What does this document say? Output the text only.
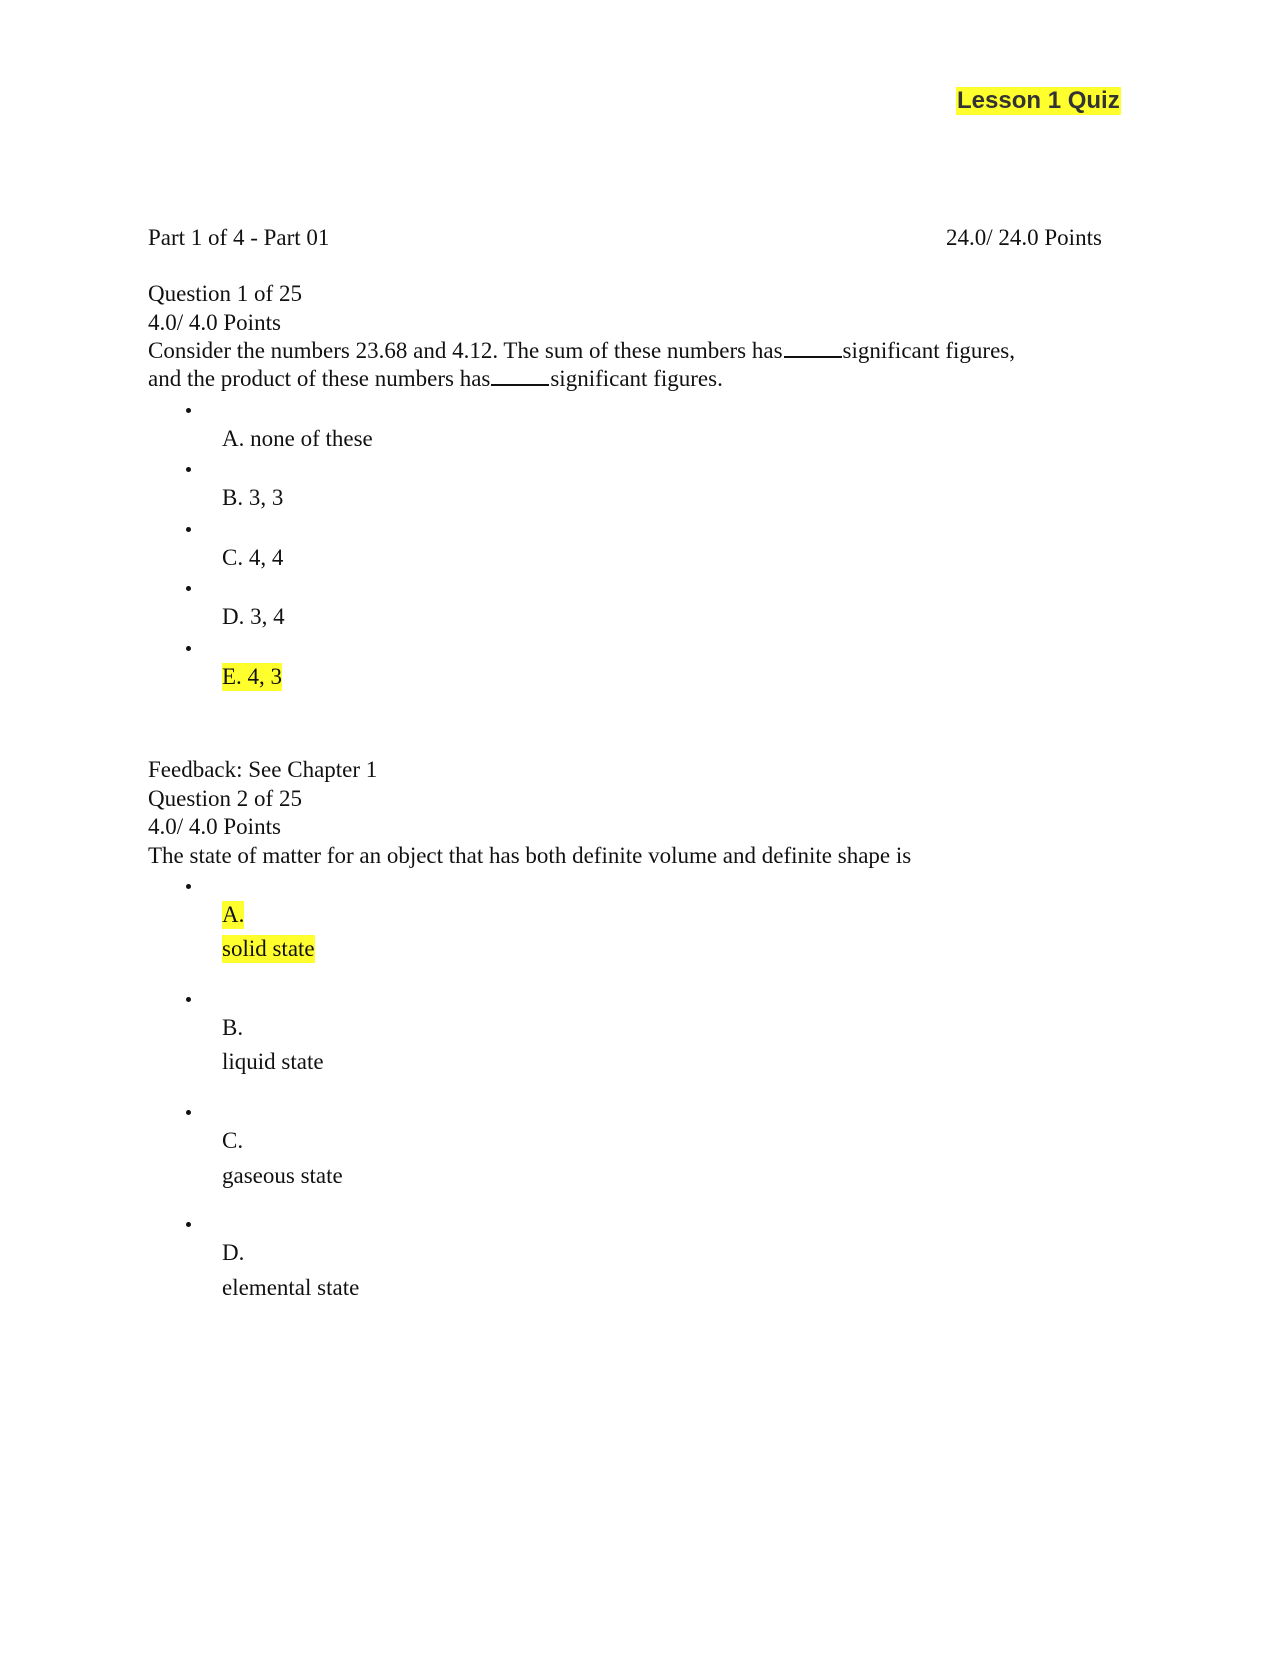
Lesson 1 Quiz
Part 1 of 4 - Part 01	24.0/ 24.0 Points
Question 1 of 25
4.0/ 4.0 Points
Consider the numbers 23.68 and 4.12. The sum of these numbers has	significant figures,
and the product of these numbers has	significant figures.
A. none of these
B. 3, 3
C. 4, 4
D. 3, 4
E. 4, 3
Feedback: See Chapter 1
Question 2 of 25
4.0/ 4.0 Points
The state of matter for an object that has both definite volume and definite shape is
A.
solid state
B.
liquid state
C.
gaseous state
D.
elemental state
